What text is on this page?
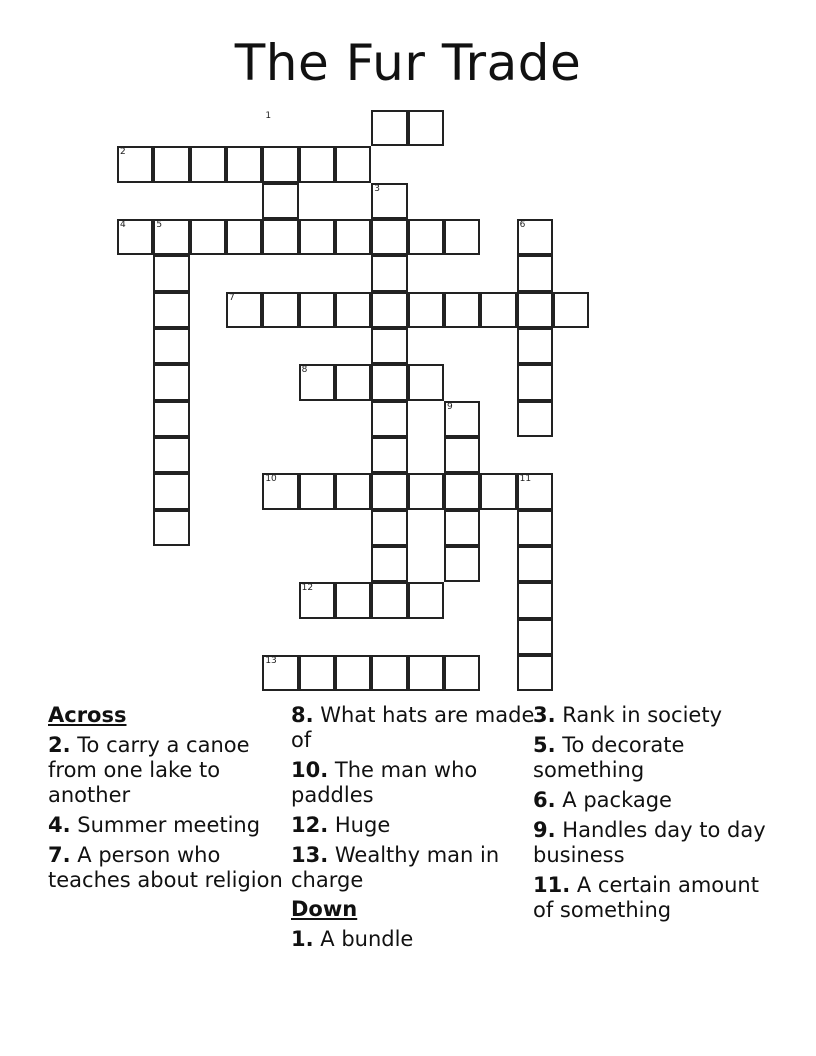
The Fur Trade
1
2
3
4	5	6
7
8
9
10	11
12
13
Across
2. To carry a canoe from one lake to another
4. Summer meeting
7. A person who teaches about religion
8. What hats are made of
10. The man who paddles
12. Huge
13. Wealthy man in charge
Down
1. A bundle
3. Rank in society
5. To decorate something
6. A package
9. Handles day to day business
11. A certain amount of something
